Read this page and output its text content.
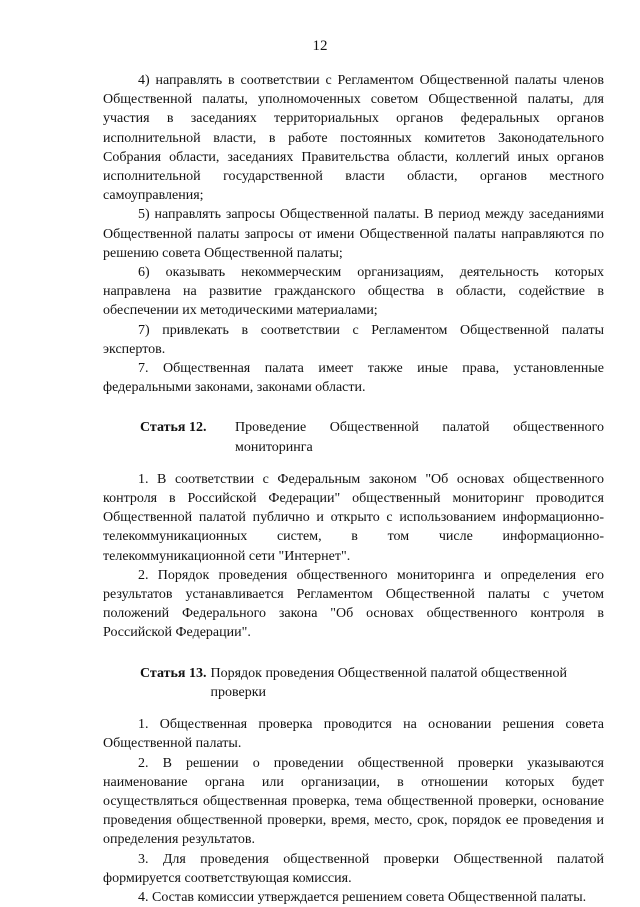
12

4) направлять в соответствии с Регламентом Общественной палаты членов Общественной палаты, уполномоченных советом Общественной палаты, для участия в заседаниях территориальных органов федеральных органов исполнительной власти, в работе постоянных комитетов Законодательного Собрания области, заседаниях Правительства области, коллегий иных органов исполнительной государственной власти области, органов местного самоуправления;

5) направлять запросы Общественной палаты. В период между заседаниями Общественной палаты запросы от имени Общественной палаты направляются по решению совета Общественной палаты;

6) оказывать некоммерческим организациям, деятельность которых направлена на развитие гражданского общества в области, содействие в обеспечении их методическими материалами;

7) привлекать в соответствии с Регламентом Общественной палаты экспертов.

7. Общественная палата имеет также иные права, установленные федеральными законами, законами области.

Статья 12.	Проведение Общественной палатой общественного мониторинга

1. В соответствии с Федеральным законом "Об основах общественного контроля в Российской Федерации" общественный мониторинг проводится Общественной палатой публично и открыто с использованием информационно-телекоммуникационных систем, в том числе информационно-телекоммуникационной сети "Интернет".

2. Порядок проведения общественного мониторинга и определения его результатов устанавливается Регламентом Общественной палаты с учетом положений Федерального закона "Об основах общественного контроля в Российской Федерации".

Статья 13. Порядок проведения Общественной палатой общественной проверки

1. Общественная проверка проводится на основании решения совета Общественной палаты.

2. В решении о проведении общественной проверки указываются наименование органа или организации, в отношении которых будет осуществляться общественная проверка, тема общественной проверки, основание проведения общественной проверки, время, место, срок, порядок ее проведения и определения результатов.

3. Для проведения общественной проверки Общественной палатой формируется соответствующая комиссия.

4. Состав комиссии утверждается решением совета Общественной палаты.
